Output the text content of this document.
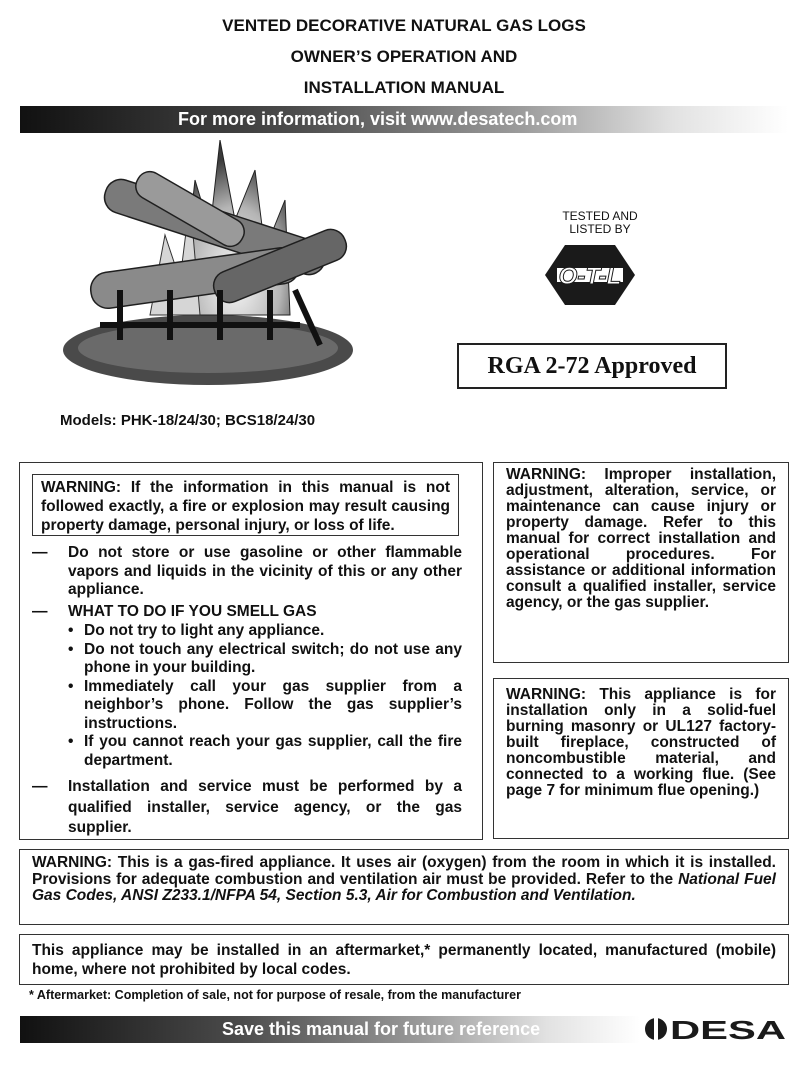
VENTED DECORATIVE NATURAL GAS LOGS
OWNER’S OPERATION AND
INSTALLATION MANUAL
For more information, visit www.desatech.com
Models: PHK-18/24/30; BCS18/24/30
TESTED AND
LISTED BY
O-T-L
RGA 2-72 Approved
WARNING: If the information in this manual is not followed exactly, a fire or explosion may result causing property damage, personal injury, or loss of life.
—	Do not store or use gasoline or other flammable vapors and liquids in the vicinity of this or any other appliance.
—	WHAT TO DO IF YOU SMELL GAS
• Do not try to light any appliance.
• Do not touch any electrical switch; do not use any phone in your building.
• Immediately call your gas supplier from a neighbor’s phone. Follow the gas supplier’s instructions.
• If you cannot reach your gas supplier, call the fire department.
—	Installation and service must be performed by a qualified installer, service agency, or the gas supplier.
WARNING: Improper installation, adjustment, alteration, service, or maintenance can cause injury or property damage. Refer to this manual for correct installation and operational procedures. For assistance or additional information consult a qualified installer, service agency, or the gas supplier.
WARNING: This appliance is for installation only in a solid-fuel burning masonry or UL127 factory-built fireplace, constructed of noncombustible material, and connected to a working flue. (See page 7 for minimum flue opening.)
WARNING: This is a gas-fired appliance. It uses air (oxygen) from the room in which it is installed. Provisions for adequate combustion and ventilation air must be provided. Refer to the National Fuel Gas Codes, ANSI Z233.1/NFPA 54, Section 5.3, Air for Combustion and Ventilation.
This appliance may be installed in an aftermarket,* permanently located, manufactured (mobile) home, where not prohibited by local codes.
* Aftermarket: Completion of sale, not for purpose of resale, from the manufacturer
Save this manual for future reference	DESA
